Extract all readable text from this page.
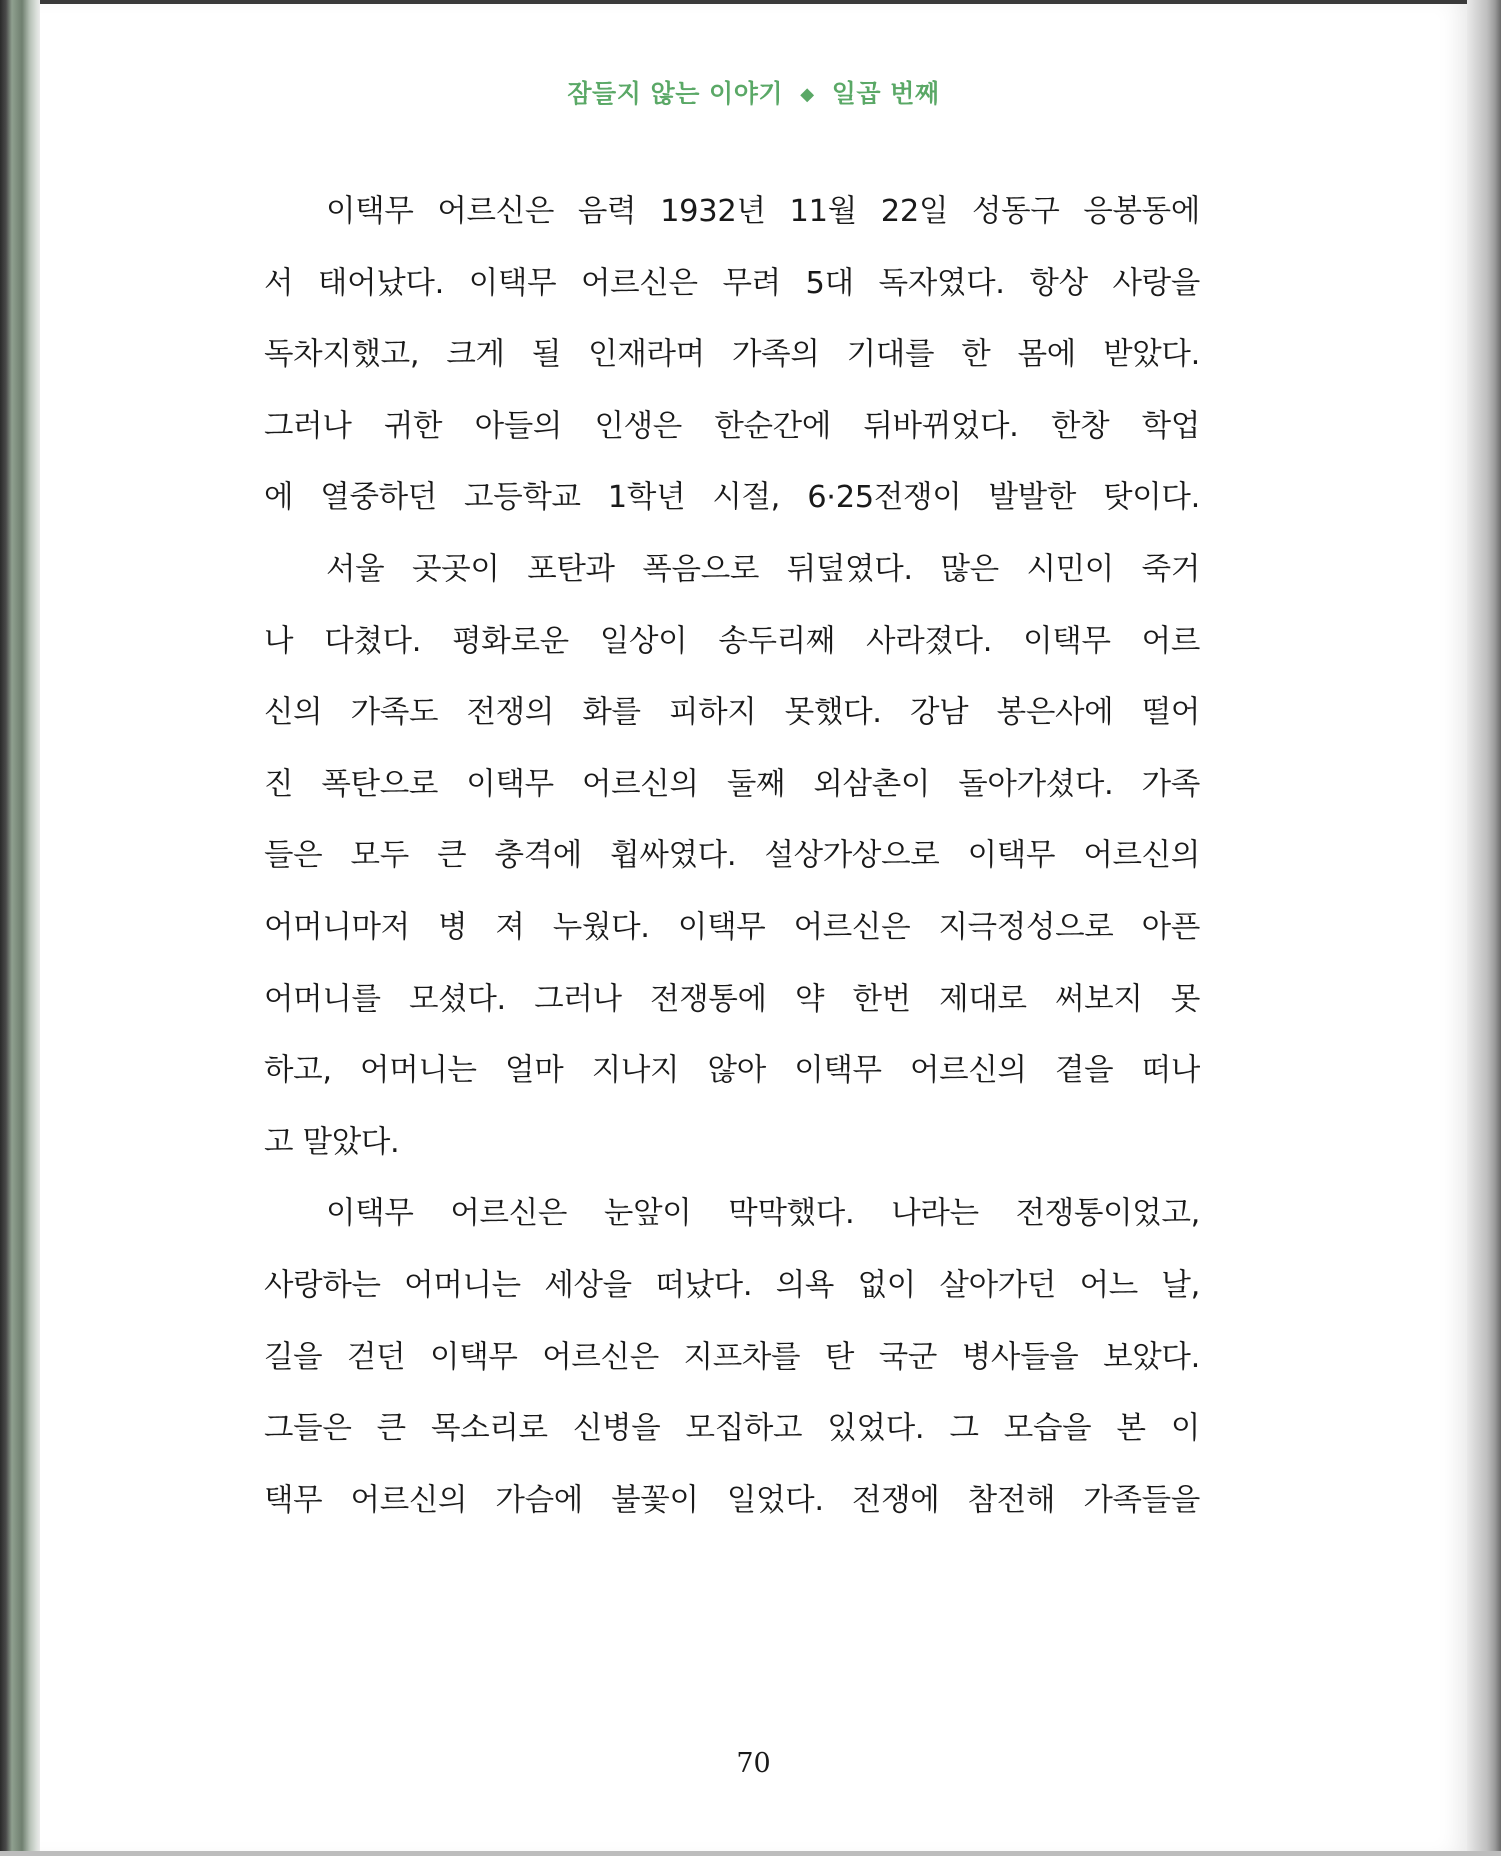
잠들지 않는 이야기 ◆ 일곱 번째
이택무 어르신은 음력 1932년 11월 22일 성동구 응봉동에
서 태어났다. 이택무 어르신은 무려 5대 독자였다. 항상 사랑을
독차지했고, 크게 될 인재라며 가족의 기대를 한 몸에 받았다.
그러나 귀한 아들의 인생은 한순간에 뒤바뀌었다. 한창 학업
에 열중하던 고등학교 1학년 시절, 6·25전쟁이 발발한 탓이다.
서울 곳곳이 포탄과 폭음으로 뒤덮였다. 많은 시민이 죽거
나 다쳤다. 평화로운 일상이 송두리째 사라졌다. 이택무 어르
신의 가족도 전쟁의 화를 피하지 못했다. 강남 봉은사에 떨어
진 폭탄으로 이택무 어르신의 둘째 외삼촌이 돌아가셨다. 가족
들은 모두 큰 충격에 휩싸였다. 설상가상으로 이택무 어르신의
어머니마저 병 져 누웠다. 이택무 어르신은 지극정성으로 아픈
어머니를 모셨다. 그러나 전쟁통에 약 한번 제대로 써보지 못
하고, 어머니는 얼마 지나지 않아 이택무 어르신의 곁을 떠나
고 말았다.
이택무 어르신은 눈앞이 막막했다. 나라는 전쟁통이었고,
사랑하는 어머니는 세상을 떠났다. 의욕 없이 살아가던 어느 날,
길을 걷던 이택무 어르신은 지프차를 탄 국군 병사들을 보았다.
그들은 큰 목소리로 신병을 모집하고 있었다. 그 모습을 본 이
택무 어르신의 가슴에 불꽃이 일었다. 전쟁에 참전해 가족들을
70
